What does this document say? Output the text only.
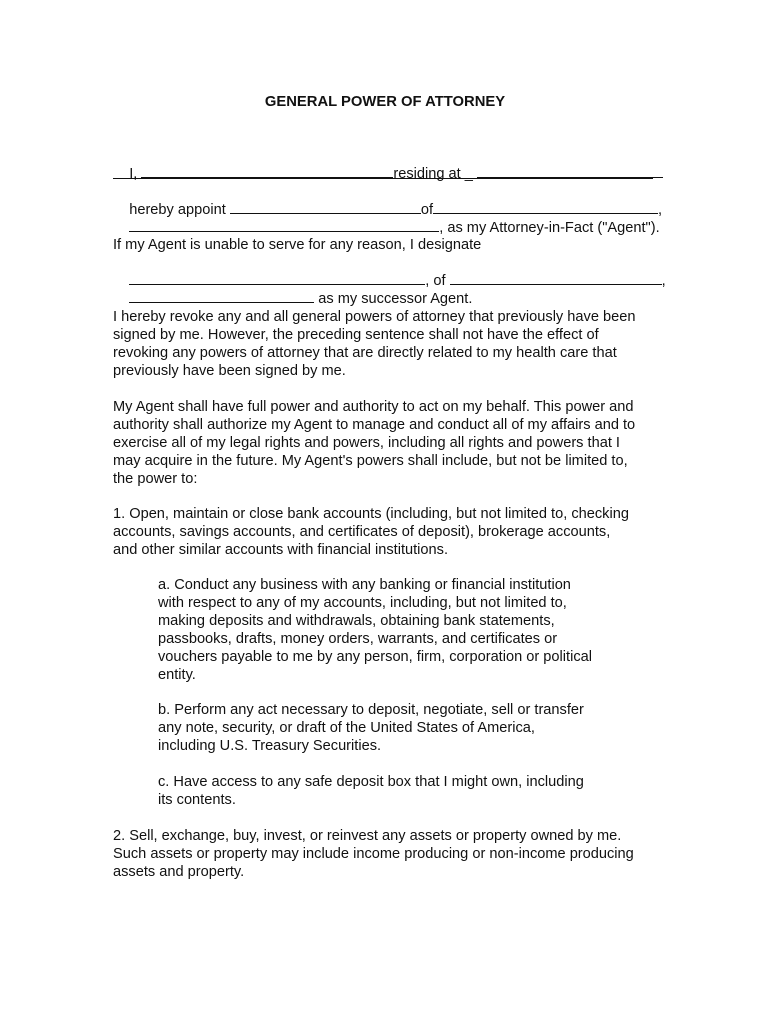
GENERAL POWER OF ATTORNEY

I,	residing at _

hereby appoint	of	,

, as my Attorney-in-Fact ("Agent").

If my Agent is unable to serve for any reason, I designate

, of	,

as my successor Agent.

I hereby revoke any and all general powers of attorney that previously have been
signed by me. However, the preceding sentence shall not have the effect of
revoking any powers of attorney that are directly related to my health care that
previously have been signed by me.
My Agent shall have full power and authority to act on my behalf. This power and
authority shall authorize my Agent to manage and conduct all of my affairs and to
exercise all of my legal rights and powers, including all rights and powers that I
may acquire in the future. My Agent's powers shall include, but not be limited to,
the power to:
1. Open, maintain or close bank accounts (including, but not limited to, checking
accounts, savings accounts, and certificates of deposit), brokerage accounts,
and other similar accounts with financial institutions.
a. Conduct any business with any banking or financial institution
with respect to any of my accounts, including, but not limited to,
making deposits and withdrawals, obtaining bank statements,
passbooks, drafts, money orders, warrants, and certificates or
vouchers payable to me by any person, firm, corporation or political
entity.
b. Perform any act necessary to deposit, negotiate, sell or transfer
any note, security, or draft of the United States of America,
including U.S. Treasury Securities.
c. Have access to any safe deposit box that I might own, including
its contents.
2. Sell, exchange, buy, invest, or reinvest any assets or property owned by me.
Such assets or property may include income producing or non-income producing
assets and property.
